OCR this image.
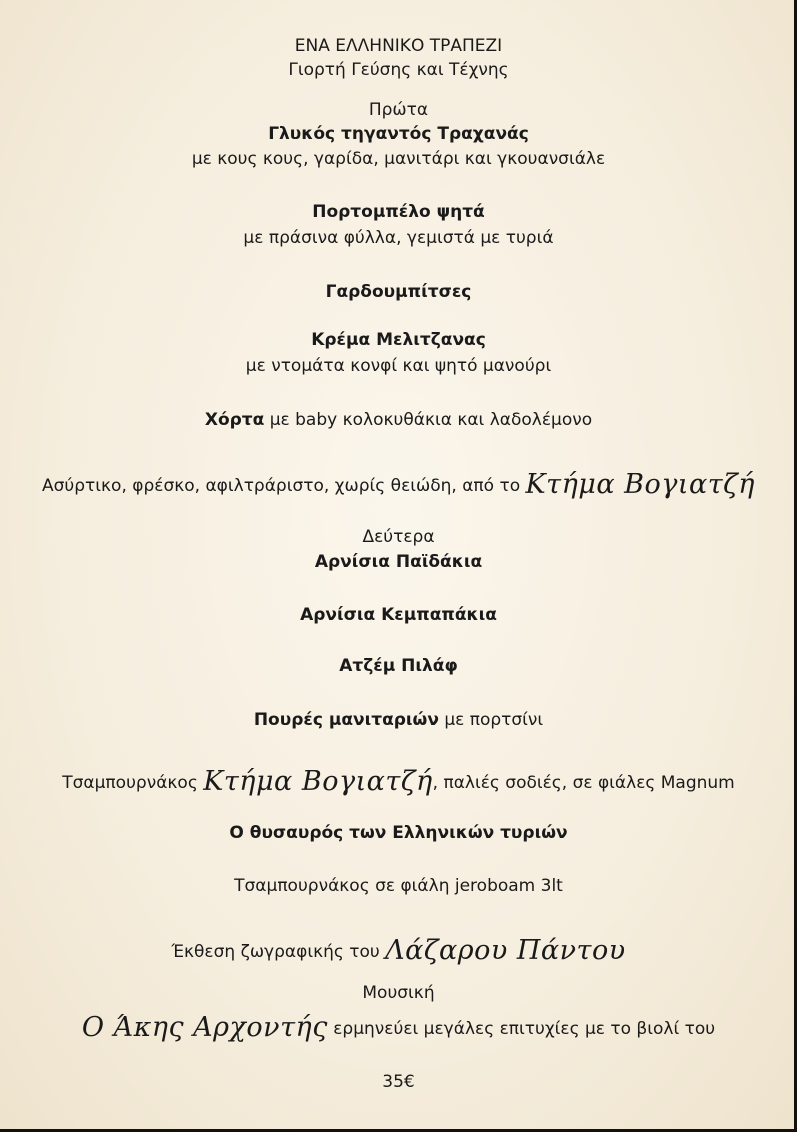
ΕΝΑ ΕΛΛΗΝΙΚΟ ΤΡΑΠΕΖΙ
Γιορτή Γεύσης και Τέχνης
Πρώτα
Γλυκός τηγαντός Τραχανάς
με κους κους, γαρίδα, μανιτάρι και γκουανσιάλε
Πορτομπέλο ψητά
με πράσινα φύλλα, γεμιστά με τυριά
Γαρδουμπίτσες
Κρέμα Μελιτζανας
με ντομάτα κονφί και ψητό μανούρι
Χόρτα με baby κολοκυθάκια και λαδολέμονο
Ασύρτικο, φρέσκο, αφιλτράριστο, χωρίς θειώδη, από το Κτήμα Βογιατζή
Δεύτερα
Αρνίσια Παϊδάκια
Αρνίσια Κεμπαπάκια
Ατζέμ Πιλάφ
Πουρές μανιταριών με πορτσίνι
Τσαμπουρνάκος Κτήμα Βογιατζή, παλιές σοδιές, σε φιάλες Magnum
Ο θυσαυρός των Ελληνικών τυριών
Τσαμπουρνάκος σε φιάλη jeroboam 3lt
Έκθεση ζωγραφικής του Λάζαρου Πάντου
Μουσική
Ο Άκης Αρχοντής ερμηνεύει μεγάλες επιτυχίες με το βιολί του
35€
